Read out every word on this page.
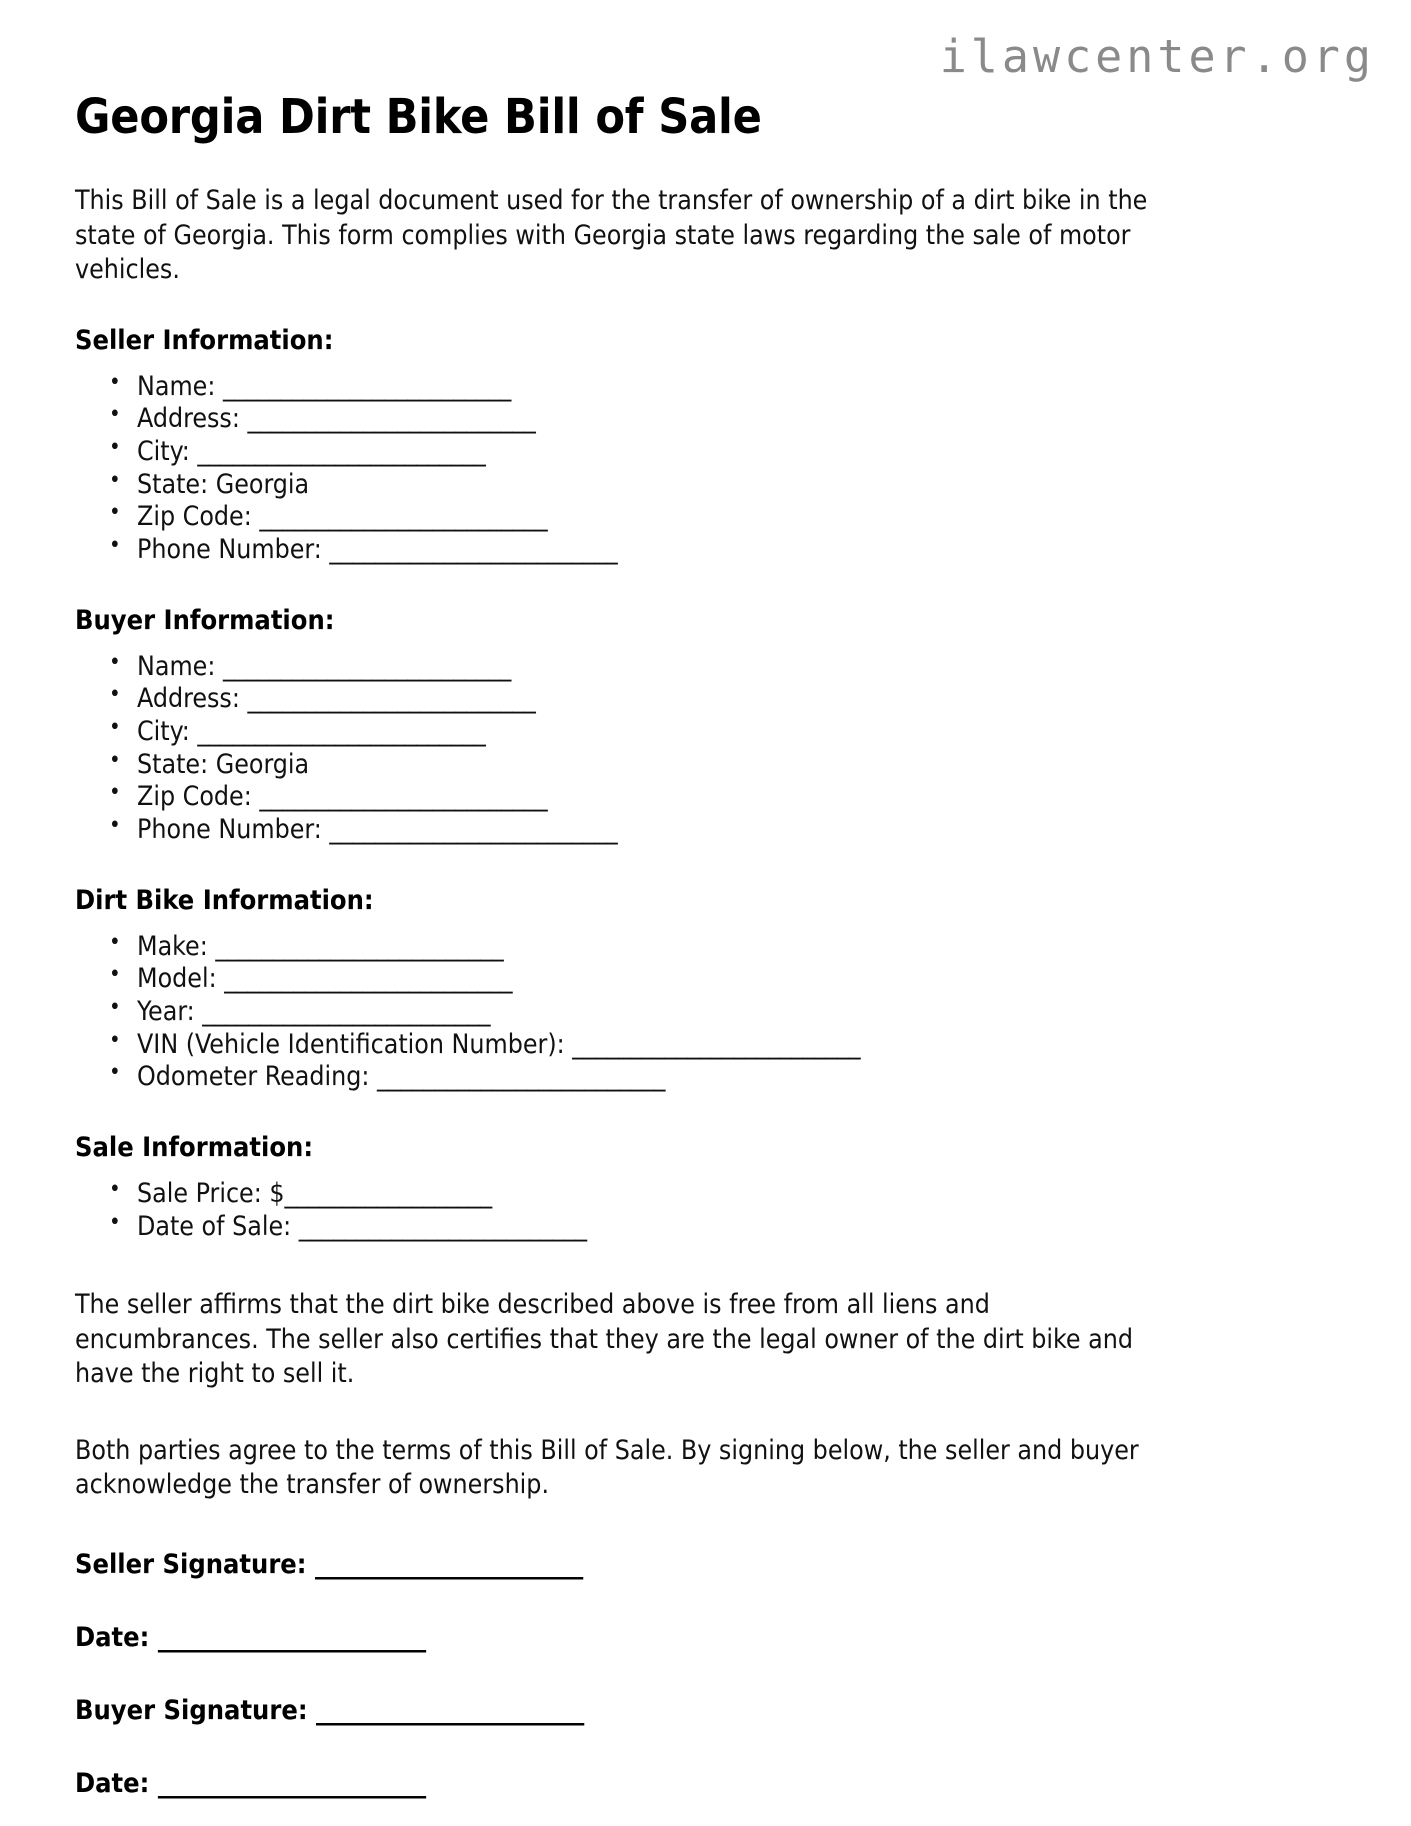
ilawcenter.org
Georgia Dirt Bike Bill of Sale

This Bill of Sale is a legal document used for the transfer of ownership of a dirt bike in the state of Georgia. This form complies with Georgia state laws regarding the sale of motor vehicles.

Seller Information:
• Name: _________________________
• Address: _________________________
• City: _________________________
• State: Georgia
• Zip Code: _________________________
• Phone Number: _________________________
Buyer Information:
• Name: _________________________
• Address: _________________________
• City: _________________________
• State: Georgia
• Zip Code: _________________________
• Phone Number: _________________________
Dirt Bike Information:
• Make: _________________________
• Model: _________________________
• Year: _________________________
• VIN (Vehicle Identification Number): _________________________
• Odometer Reading: _________________________
Sale Information:
• Sale Price: $__________________
• Date of Sale: _________________________

The seller affirms that the dirt bike described above is free from all liens and encumbrances. The seller also certifies that they are the legal owner of the dirt bike and have the right to sell it.

Both parties agree to the terms of this Bill of Sale. By signing below, the seller and buyer acknowledge the transfer of ownership.

Seller Signature: _______________________

Date: _______________________

Buyer Signature: _______________________

Date: _______________________
